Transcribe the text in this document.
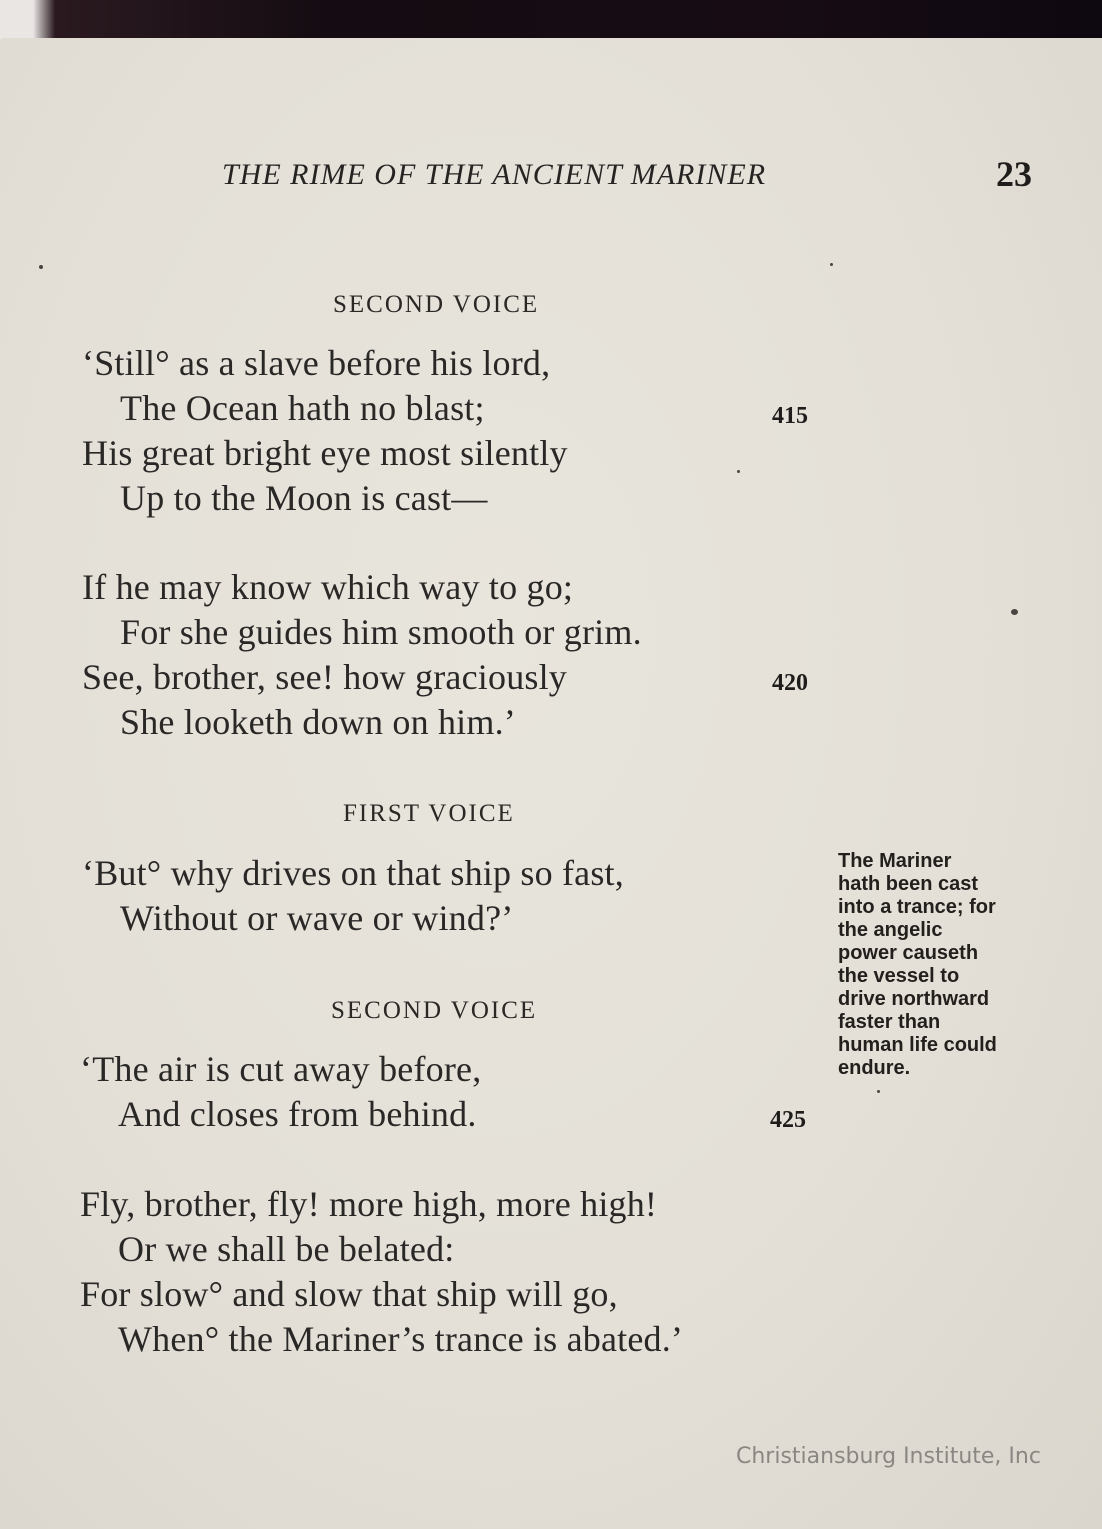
THE RIME OF THE ANCIENT MARINER	23
SECOND VOICE
‘Still° as a slave before his lord,
The Ocean hath no blast;
His great bright eye most silently
Up to the Moon is cast—
If he may know which way to go;
For she guides him smooth or grim.
See, brother, see! how graciously
She looketh down on him.’
415
420
FIRST VOICE
‘But° why drives on that ship so fast,
Without or wave or wind?’
SECOND VOICE
‘The air is cut away before,
And closes from behind.
Fly, brother, fly! more high, more high!
Or we shall be belated:
For slow° and slow that ship will go,
When° the Mariner’s trance is abated.’
425
The Mariner
hath been cast
into a trance; for
the angelic
power causeth
the vessel to
drive northward
faster than
human life could
endure.
Christiansburg Institute, Inc
